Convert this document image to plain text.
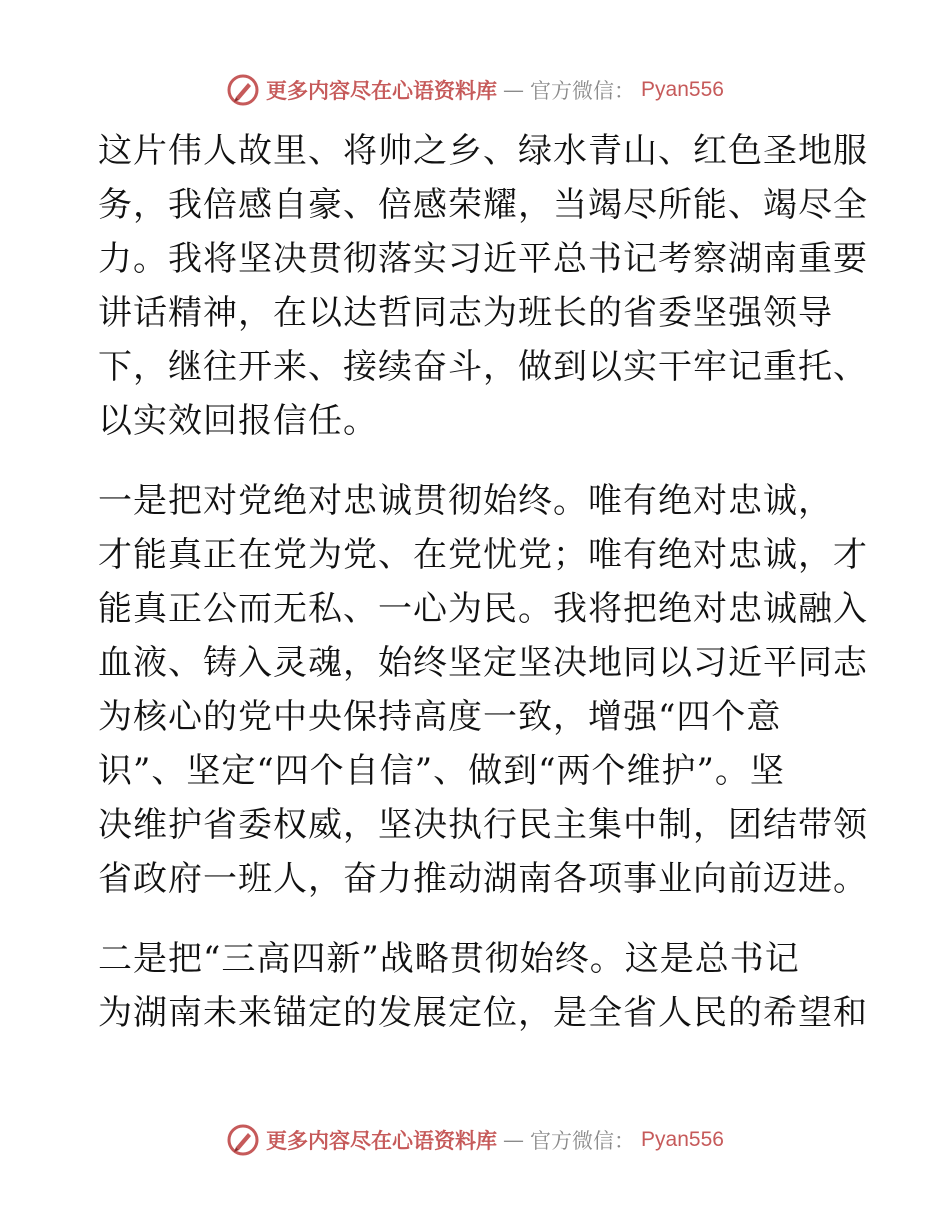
更多内容尽在心语资料库 — 官方微信： Pyan556
这片伟人故里、将帅之乡、绿水青山、红色圣地服
务，我倍感自豪、倍感荣耀，当竭尽所能、竭尽全
力。我将坚决贯彻落实习近平总书记考察湖南重要
讲话精神，在以达哲同志为班长的省委坚强领导
下，继往开来、接续奋斗，做到以实干牢记重托、
以实效回报信任。
一是把对党绝对忠诚贯彻始终。唯有绝对忠诚，
才能真正在党为党、在党忧党；唯有绝对忠诚，才
能真正公而无私、一心为民。我将把绝对忠诚融入
血液、铸入灵魂，始终坚定坚决地同以习近平同志
为核心的党中央保持高度一致，增强“四个意
识”、坚定“四个自信”、做到“两个维护”。坚
决维护省委权威，坚决执行民主集中制，团结带领
省政府一班人，奋力推动湖南各项事业向前迈进。
二是把“三高四新”战略贯彻始终。这是总书记
为湖南未来锚定的发展定位，是全省人民的希望和
更多内容尽在心语资料库 — 官方微信： Pyan556
